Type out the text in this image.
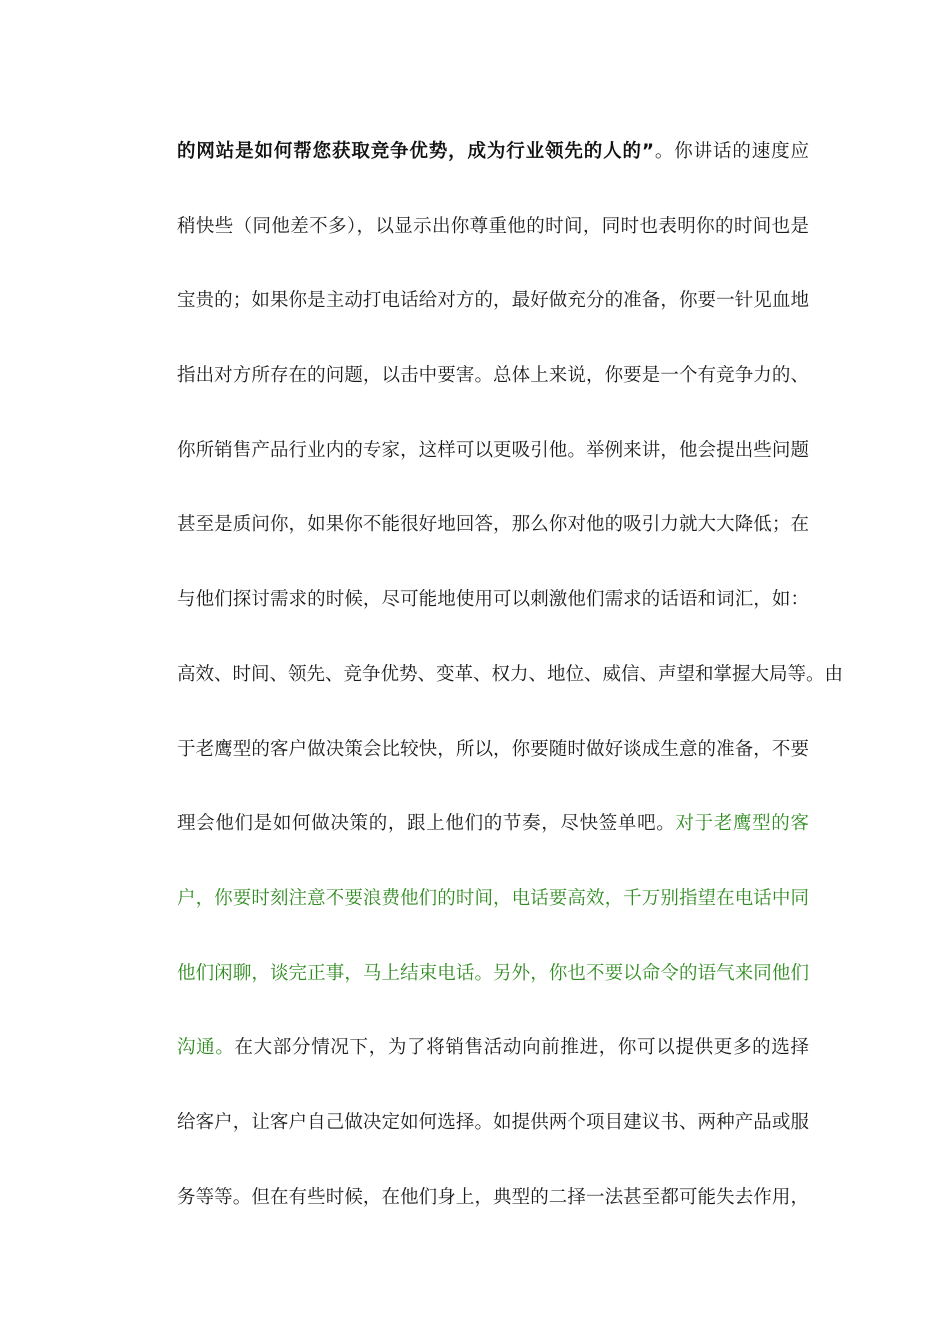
的网站是如何帮您获取竞争优势，成为行业领先的人的”。你讲话的速度应
稍快些（同他差不多），以显示出你尊重他的时间，同时也表明你的时间也是
宝贵的；如果你是主动打电话给对方的，最好做充分的准备，你要一针见血地
指出对方所存在的问题，以击中要害。总体上来说，你要是一个有竞争力的、
你所销售产品行业内的专家，这样可以更吸引他。举例来讲，他会提出些问题
甚至是质问你，如果你不能很好地回答，那么你对他的吸引力就大大降低；在
与他们探讨需求的时候，尽可能地使用可以刺激他们需求的话语和词汇，如：
高效、时间、领先、竞争优势、变革、权力、地位、威信、声望和掌握大局等。由
于老鹰型的客户做决策会比较快，所以，你要随时做好谈成生意的准备，不要
理会他们是如何做决策的，跟上他们的节奏，尽快签单吧。对于老鹰型的客
户，你要时刻注意不要浪费他们的时间，电话要高效，千万别指望在电话中同
他们闲聊，谈完正事，马上结束电话。另外，你也不要以命令的语气来同他们
沟通。在大部分情况下，为了将销售活动向前推进，你可以提供更多的选择
给客户，让客户自己做决定如何选择。如提供两个项目建议书、两种产品或服
务等等。但在有些时候，在他们身上，典型的二择一法甚至都可能失去作用，
